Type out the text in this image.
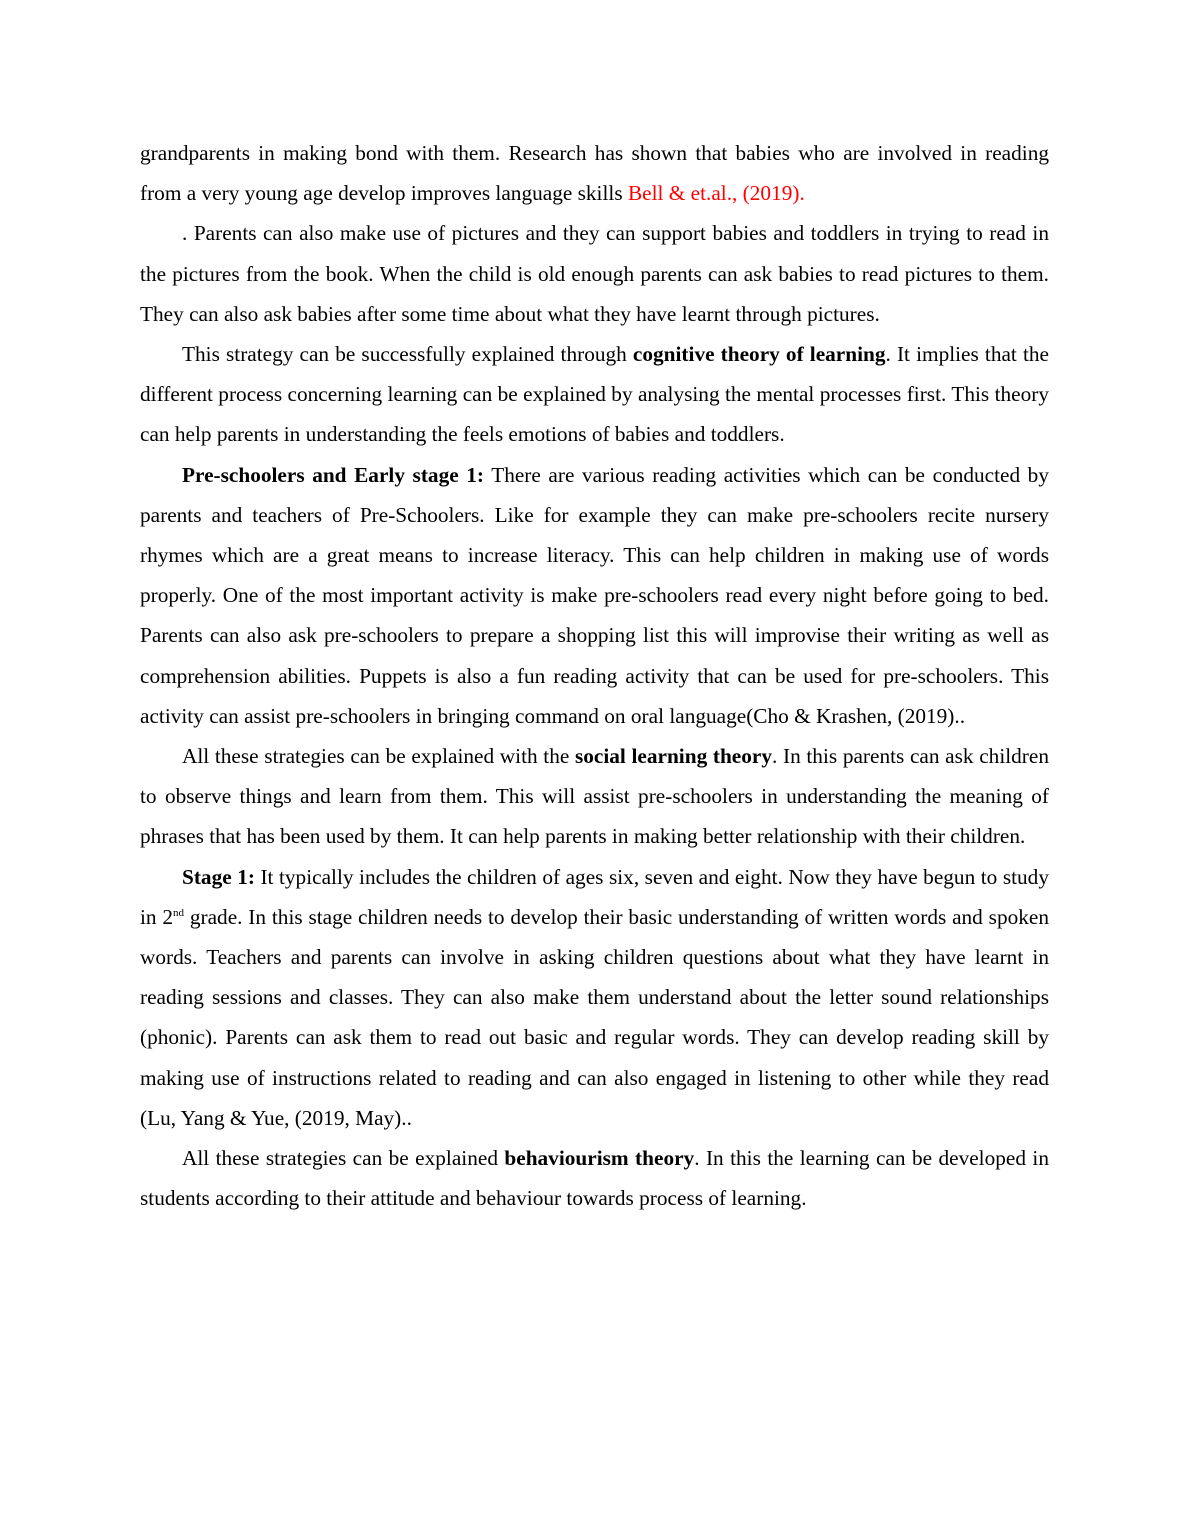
grandparents in making bond with them. Research has shown that babies who are involved in reading from a very young age develop improves language skills Bell & et.al., (2019).

. Parents can also make use of pictures and they can support babies and toddlers in trying to read in the pictures from the book. When the child is old enough parents can ask babies to read pictures to them. They can also ask babies after some time about what they have learnt through pictures.

This strategy can be successfully explained through cognitive theory of learning. It implies that the different process concerning learning can be explained by analysing the mental processes first. This theory can help parents in understanding the feels emotions of babies and toddlers.

Pre-schoolers and Early stage 1: There are various reading activities which can be conducted by parents and teachers of Pre-Schoolers. Like for example they can make pre-schoolers recite nursery rhymes which are a great means to increase literacy. This can help children in making use of words properly. One of the most important activity is make pre-schoolers read every night before going to bed. Parents can also ask pre-schoolers to prepare a shopping list this will improvise their writing as well as comprehension abilities. Puppets is also a fun reading activity that can be used for pre-schoolers. This activity can assist pre-schoolers in bringing command on oral language(Cho & Krashen, (2019)..

All these strategies can be explained with the social learning theory. In this parents can ask children to observe things and learn from them. This will assist pre-schoolers in understanding the meaning of phrases that has been used by them. It can help parents in making better relationship with their children.

Stage 1: It typically includes the children of ages six, seven and eight. Now they have begun to study in 2nd grade. In this stage children needs to develop their basic understanding of written words and spoken words. Teachers and parents can involve in asking children questions about what they have learnt in reading sessions and classes. They can also make them understand about the letter sound relationships (phonic). Parents can ask them to read out basic and regular words. They can develop reading skill by making use of instructions related to reading and can also engaged in listening to other while they read (Lu, Yang & Yue, (2019, May)..

All these strategies can be explained behaviourism theory. In this the learning can be developed in students according to their attitude and behaviour towards process of learning.
